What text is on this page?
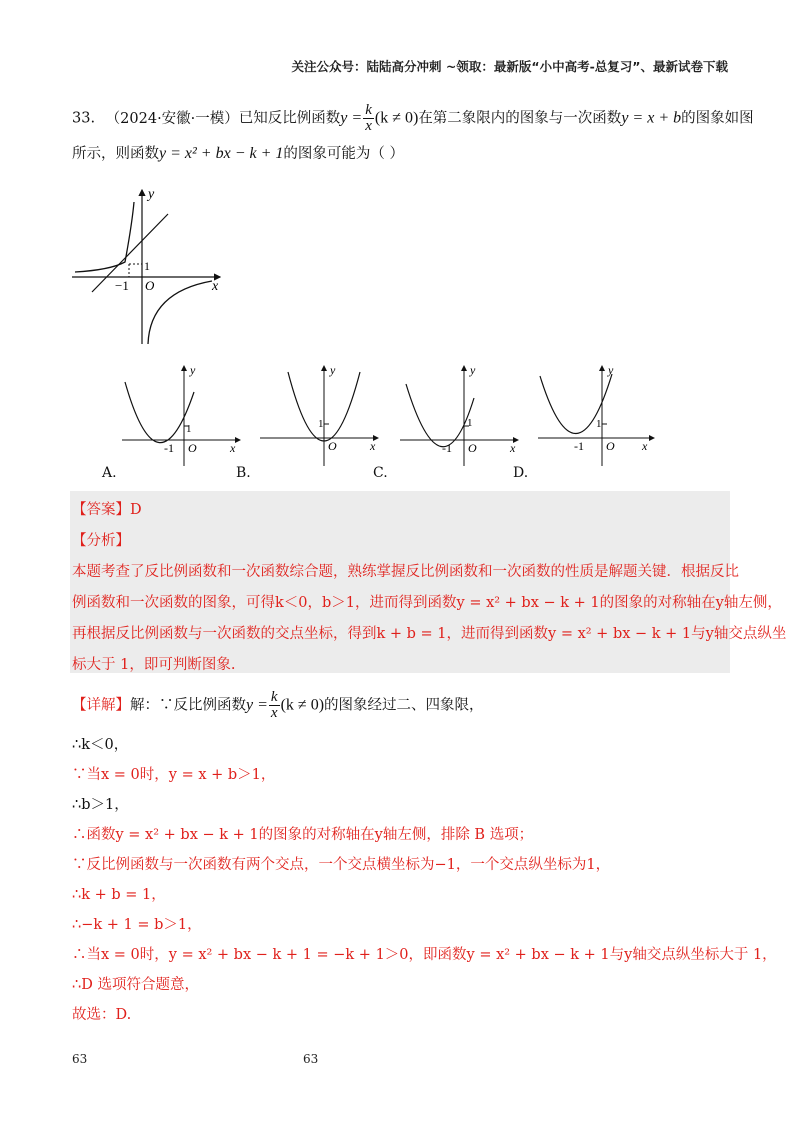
关注公众号：陆陆高分冲刺 ~领取：最新版“小中高考-总复习”、最新试卷下载
33. （2024·安徽·一模）已知反比例函数$y = \frac{k}{x} (k \ne 0)$在第二象限内的图象与一次函数y = x + b的图象如图
所示，则函数y = x² + bx − k + 1的图象可能为（ ）
y
x
O
−1
1
y
x
O
-1
1
y
x
O
1
y
x
O
-1
1
y
x
O
-1
1
A.	B.	C.	D.
【答案】D
【分析】
本题考查了反比例函数和一次函数综合题，熟练掌握反比例函数和一次函数的性质是解题关键．根据反比
例函数和一次函数的图象，可得k＜0，b＞1，进而得到函数y = x² + bx − k + 1的图象的对称轴在y轴左侧，
再根据反比例函数与一次函数的交点坐标，得到k + b = 1，进而得到函数y = x² + bx − k + 1与y轴交点纵坐
标大于 1，即可判断图象.
【详解】解：∵反比例函数$y = \frac{k}{x} (k \ne 0)$的图象经过二、四象限，
∴k＜0，
∵当x = 0时，y = x + b＞1，
∴b＞1，
∴函数y = x² + bx − k + 1的图象的对称轴在y轴左侧，排除 B 选项；
∵反比例函数与一次函数有两个交点，一个交点横坐标为−1，一个交点纵坐标为1，
∴k + b = 1，
∴−k + 1 = b＞1，
∴当x = 0时，y = x² + bx − k + 1 = −k + 1＞0，即函数y = x² + bx − k + 1与y轴交点纵坐标大于 1，
∴D 选项符合题意，
故选：D.
63	63
